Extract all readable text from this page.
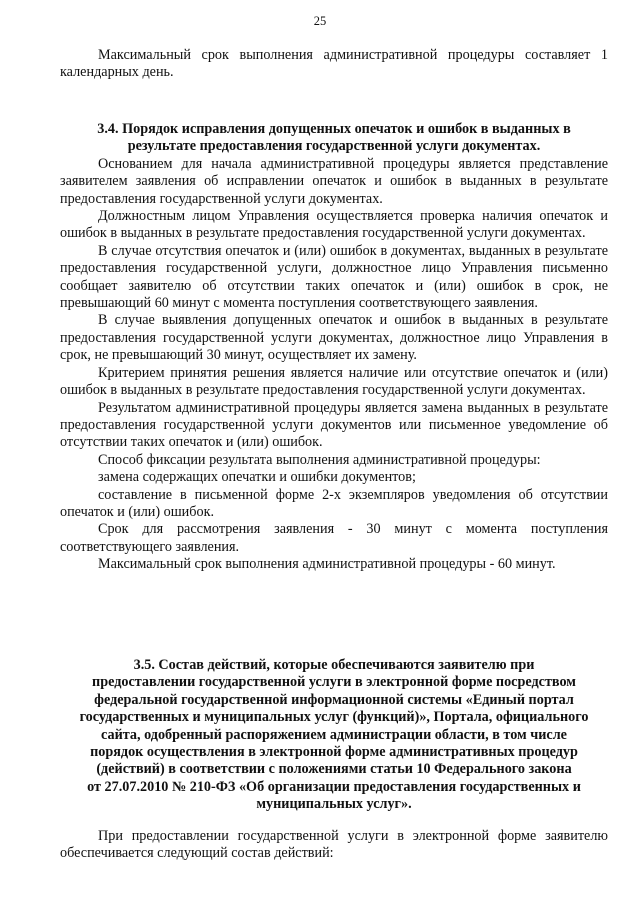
25

Максимальный срок выполнения административной процедуры составляет 1 календарных день.

3.4. Порядок исправления допущенных опечаток и ошибок в выданных в результате предоставления государственной услуги документах.

Основанием для начала административной процедуры является представление заявителем заявления об исправлении опечаток и ошибок в выданных в результате предоставления государственной услуги документах.

Должностным лицом Управления осуществляется проверка наличия опечаток и ошибок в выданных в результате предоставления государственной услуги документах.

В случае отсутствия опечаток и (или) ошибок в документах, выданных в результате предоставления государственной услуги, должностное лицо Управления письменно сообщает заявителю об отсутствии таких опечаток и (или) ошибок в срок, не превышающий 60 минут с момента поступления соответствующего заявления.

В случае выявления допущенных опечаток и ошибок в выданных в результате предоставления государственной услуги документах, должностное лицо Управления в срок, не превышающий 30 минут, осуществляет их замену.

Критерием принятия решения является наличие или отсутствие опечаток и (или) ошибок в выданных в результате предоставления государственной услуги документах.

Результатом административной процедуры является замена выданных в результате предоставления государственной услуги документов или письменное уведомление об отсутствии таких опечаток и (или) ошибок.

Способ фиксации результата выполнения административной процедуры:

замена содержащих опечатки и ошибки документов;

составление в письменной форме 2-х экземпляров уведомления об отсутствии опечаток и (или) ошибок.

Срок для рассмотрения заявления - 30 минут с момента поступления соответствующего заявления.

Максимальный срок выполнения административной процедуры - 60 минут.

3.5. Состав действий, которые обеспечиваются заявителю при
предоставлении государственной услуги в электронной форме посредством
федеральной государственной информационной системы «Единый портал
государственных и муниципальных услуг (функций)», Портала, официального
сайта, одобренный распоряжением администрации области, в том числе
порядок осуществления в электронной форме административных процедур
(действий) в соответствии с положениями статьи 10 Федерального закона
от 27.07.2010 № 210-ФЗ «Об организации предоставления государственных и
муниципальных услуг».

При предоставлении государственной услуги в электронной форме заявителю обеспечивается следующий состав действий:
